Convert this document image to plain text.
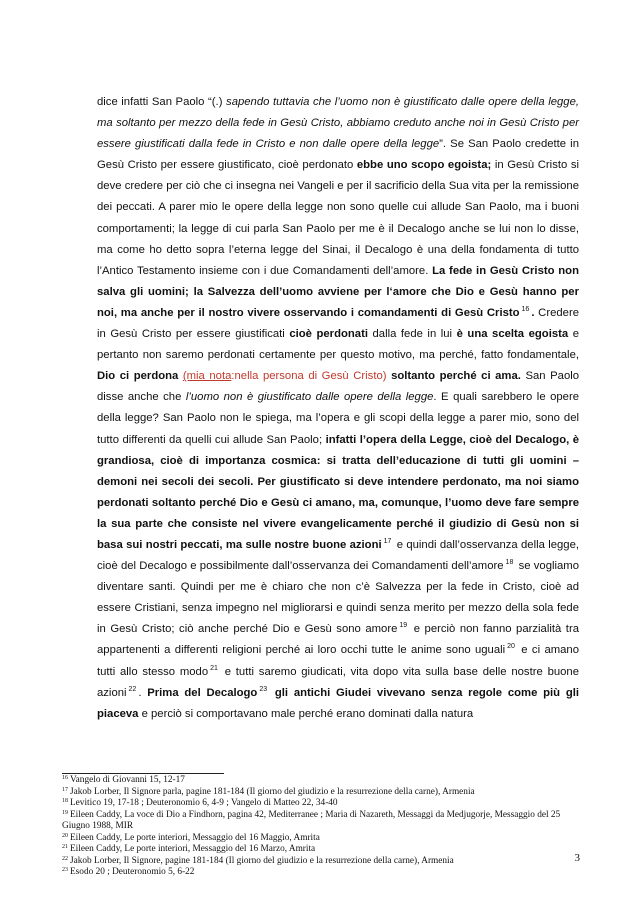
dice infatti San Paolo “(.) sapendo tuttavia che l’uomo non è giustificato dalle opere della legge, ma soltanto per mezzo della fede in Gesù Cristo, abbiamo creduto anche noi in Gesù Cristo per essere giustificati dalla fede in Cristo e non dalle opere della legge”. Se San Paolo credette in Gesù Cristo per essere giustificato, cioè perdonato ebbe uno scopo egoista; in Gesù Cristo si deve credere per ciò che ci insegna nei Vangeli e per il sacrificio della Sua vita per la remissione dei peccati. A parer mio le opere della legge non sono quelle cui allude San Paolo, ma i buoni comportamenti; la legge di cui parla San Paolo per me è il Decalogo anche se lui non lo disse, ma come ho detto sopra l’eterna legge del Sinai, il Decalogo è una della fondamenta di tutto l’Antico Testamento insieme con i due Comandamenti dell’amore. La fede in Gesù Cristo non salva gli uomini; la Salvezza dell’uomo avviene per l‘amore che Dio e Gesù hanno per noi, ma anche per il nostro vivere osservando i comandamenti di Gesù Cristo $^{16}$ . Credere in Gesù Cristo per essere giustificati cioè perdonati dalla fede in lui è una scelta egoista e pertanto non saremo perdonati certamente per questo motivo, ma perché, fatto fondamentale, Dio ci perdona (mia nota:nella persona di Gesù Cristo) soltanto perché ci ama. San Paolo disse anche che l’uomo non è giustificato dalle opere della legge. E quali sarebbero le opere della legge? San Paolo non le spiega, ma l’opera e gli scopi della legge a parer mio, sono del tutto differenti da quelli cui allude San Paolo; infatti l’opera della Legge, cioè del Decalogo, è grandiosa, cioè di importanza cosmica: si tratta dell’educazione di tutti gli uomini – demoni nei secoli dei secoli. Per giustificato si deve intendere perdonato, ma noi siamo perdonati soltanto perché Dio e Gesù ci amano, ma, comunque, l’uomo deve fare sempre la sua parte che consiste nel vivere evangelicamente perché il giudizio di Gesù non si basa sui nostri peccati, ma sulle nostre buone azioni $^{17}$ e quindi dall’osservanza della legge, cioè del Decalogo e possibilmente dall’osservanza dei Comandamenti dell’amore $^{18}$ se vogliamo diventare santi. Quindi per me è chiaro che non c’è Salvezza per la fede in Cristo, cioè ad essere Cristiani, senza impegno nel migliorarsi e quindi senza merito per mezzo della sola fede in Gesù Cristo; ciò anche perché Dio e Gesù sono amore $^{19}$ e perciò non fanno parzialità tra appartenenti a differenti religioni perché ai loro occhi tutte le anime sono uguali $^{20}$ e ci amano tutti allo stesso modo $^{21}$ e tutti saremo giudicati, vita dopo vita sulla base delle nostre buone azioni $^{22}$ . Prima del Decalogo $^{23}$ gli antichi Giudei vivevano senza regole come più gli piaceva e perciò si comportavano male perché erano dominati dalla natura

$^{16}$ Vangelo di Giovanni 15, 12-17
$^{17}$ Jakob Lorber, Il Signore parla, pagine 181-184 (Il giorno del giudizio e la resurrezione della carne), Armenia
$^{18}$ Levitico 19, 17-18 ; Deuteronomio 6, 4-9 ; Vangelo di Matteo 22, 34-40
$^{19}$ Eileen Caddy, La voce di Dio a Findhorn, pagina 42, Mediterranee ; Maria di Nazareth, Messaggi da Medjugorje, Messaggio del 25 Giugno 1988, MIR
$^{20}$ Eileen Caddy, Le porte interiori, Messaggio del 16 Maggio, Amrita
$^{21}$ Eileen Caddy, Le porte interiori, Messaggio del 16 Marzo, Amrita
$^{22}$ Jakob Lorber, Il Signore, pagine 181-184 (Il giorno del giudizio e la resurrezione della carne), Armenia
$^{23}$ Esodo 20 ; Deuteronomio 5, 6-22
3
